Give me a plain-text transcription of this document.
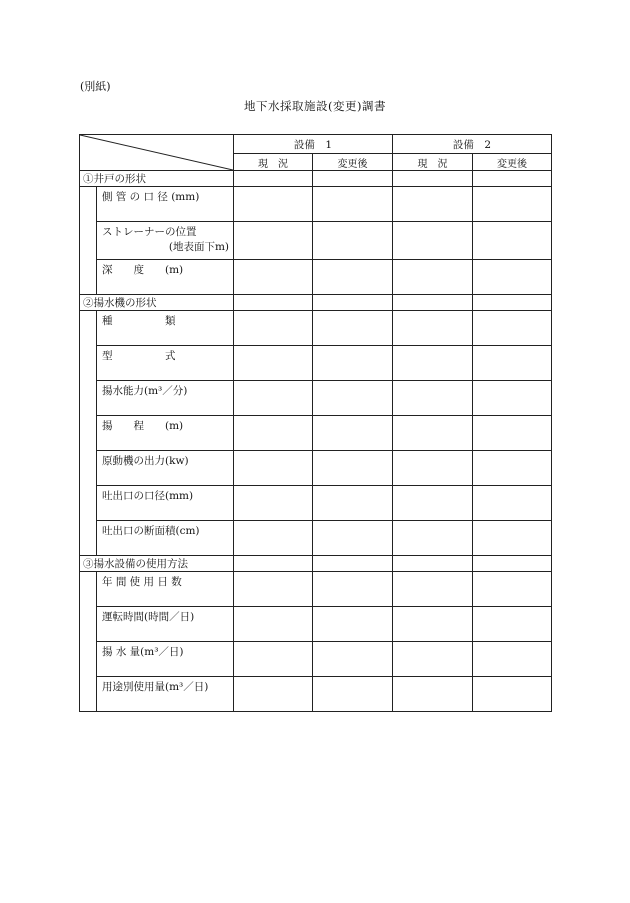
(別紙)
地下水採取施設(変更)調書
	設備　1		設備　2	
		現　況	変更後	現　況	変更後
①井戸の形状					
	側 管 の 口 径 (mm)				
	ストレーナーの位置
(地表面下m)				

	深　　度　　(m)				
②揚水機の形状					
	種　　　　　類				
	型　　　　　式				
	揚水能力(m³／分)				
	揚　　程　　(m)				
	原動機の出力(kw)				
	吐出口の口径(mm)				
	吐出口の断面積(cm)				
③揚水設備の使用方法					
	年 間 使 用 日 数				
	運転時間(時間／日)				
	揚 水 量(m³／日)				
	用途別使用量(m³／日)				
